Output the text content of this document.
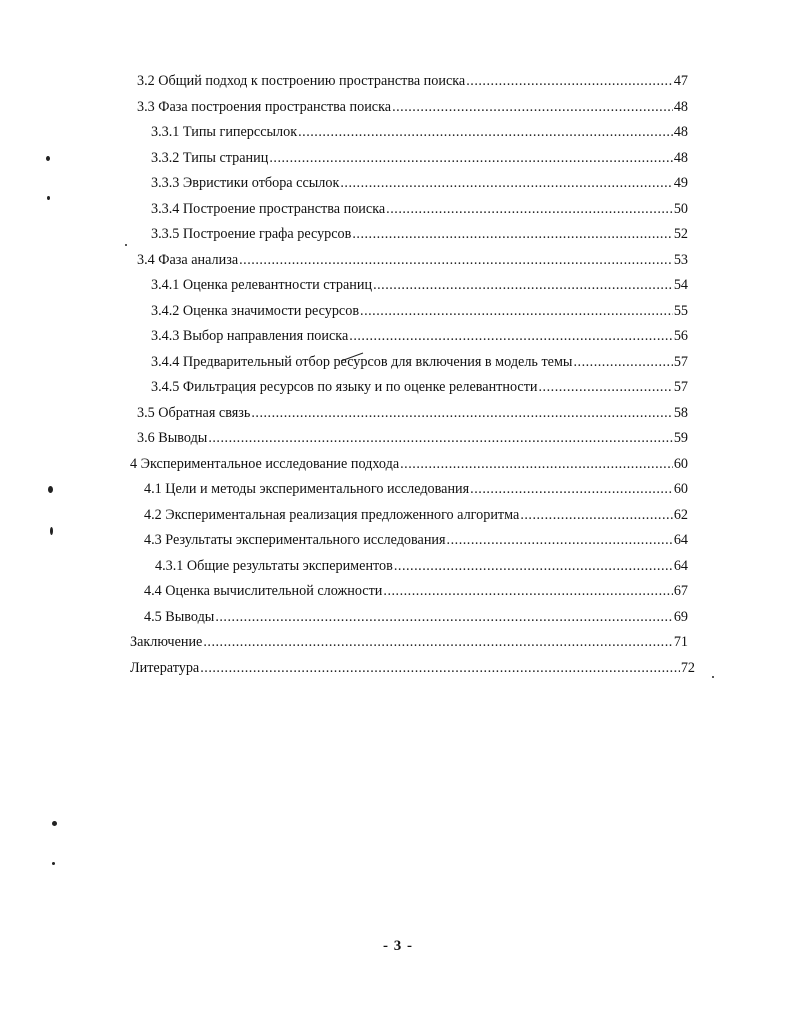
3.2 Общий подход к построению пространства поиска .....	47
3.3 Фаза построения пространства поиска .....	48
3.3.1 Типы гиперссылок .....	48
3.3.2 Типы страниц .....	48
3.3.3 Эвристики отбора ссылок .....	49
3.3.4 Построение пространства поиска .....	50
3.3.5 Построение графа ресурсов .....	52
3.4 Фаза анализа .....	53
3.4.1 Оценка релевантности страниц .....	54
3.4.2 Оценка значимости ресурсов .....	55
3.4.3 Выбор направления поиска .....	56
3.4.4 Предварительный отбор ресурсов для включения в модель темы .....	57
3.4.5 Фильтрация ресурсов по языку и по оценке релевантности .....	57
3.5 Обратная связь .....	58
3.6 Выводы .....	59
4 Экспериментальное исследование подхода .....	60
4.1 Цели и методы экспериментального исследования .....	60
4.2 Экспериментальная реализация предложенного алгоритма .....	62
4.3 Результаты экспериментального исследования .....	64
4.3.1 Общие результаты экспериментов .....	64
4.4 Оценка вычислительной сложности .....	67
4.5 Выводы .....	69
Заключение .....	71
Литература .....	72
- 3 -
